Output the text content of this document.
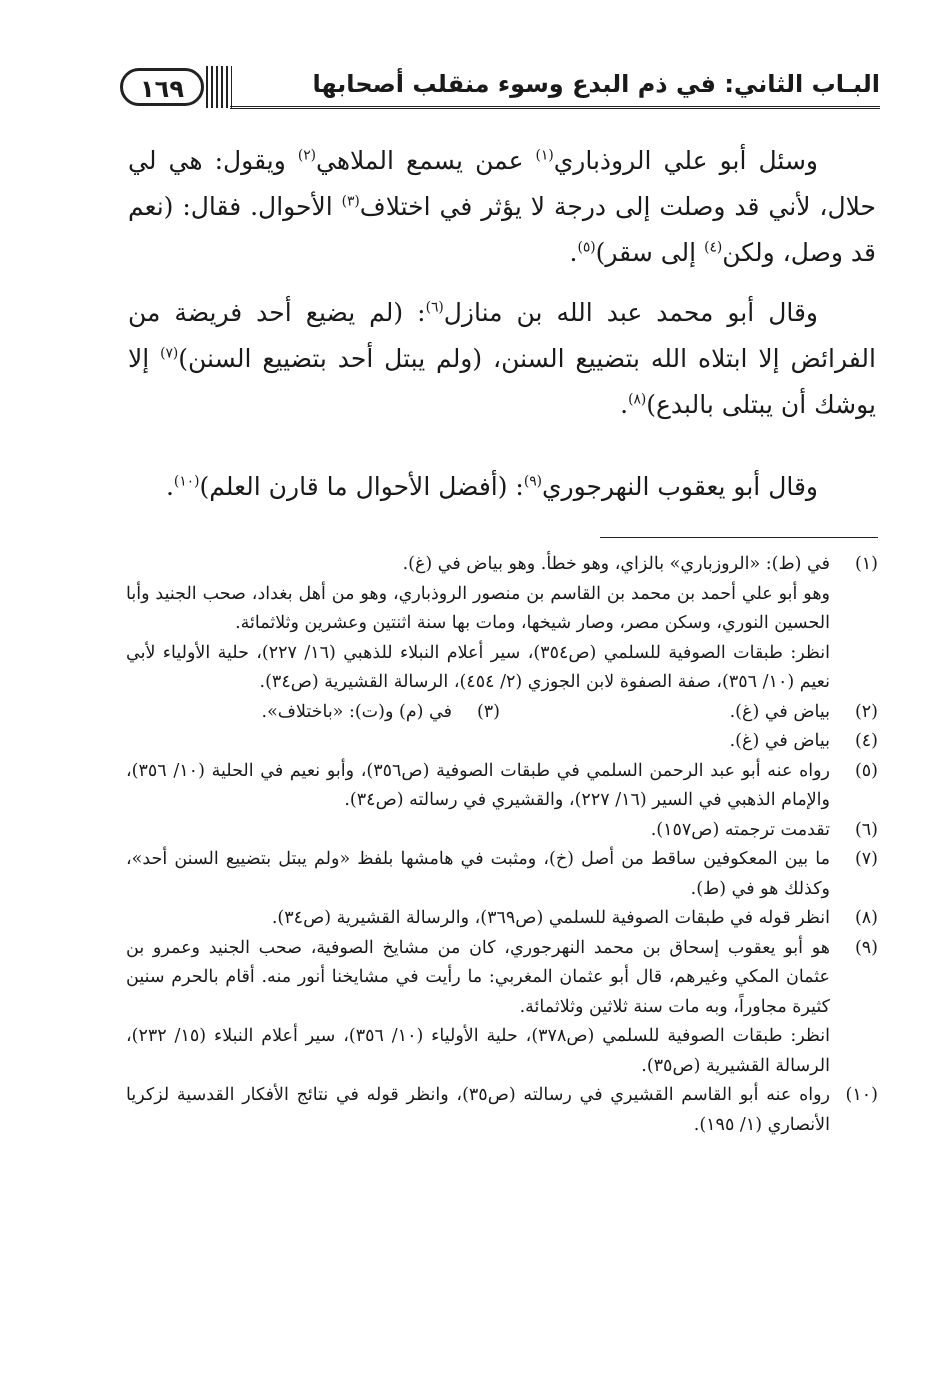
١٦٩	البـاب الثاني: في ذم البدع وسوء منقلب أصحابها

وسئل أبو علي الروذباري$^{(١)}$ عمن يسمع الملاهي$^{(٢)}$ ويقول: هي لي حلال، لأني قد وصلت إلى درجة لا يؤثر في اختلاف$^{(٣)}$ الأحوال. فقال: (نعم قد وصل، ولكن$^{(٤)}$ إلى سقر)$^{(٥)}$.

وقال أبو محمد عبد الله بن منازل$^{(٦)}$: (لم يضيع أحد فريضة من الفرائض إلا ابتلاه الله بتضييع السنن، (ولم يبتل أحد بتضييع السنن)$^{(٧)}$ إلا يوشك أن يبتلى بالبدع)$^{(٨)}$.

وقال أبو يعقوب النهرجوري$^{(٩)}$: (أفضل الأحوال ما قارن العلم)$^{(١٠)}$.

(١)
في (ط): «الروزباري» بالزاي، وهو خطأ. وهو بياض في (غ).
وهو أبو علي أحمد بن محمد بن القاسم بن منصور الروذباري، وهو من أهل بغداد، صحب الجنيد وأبا الحسين النوري، وسكن مصر، وصار شيخها، ومات بها سنة اثنتين وعشرين وثلاثمائة.
انظر: طبقات الصوفية للسلمي (ص٣٥٤)، سير أعلام النبلاء للذهبي (١٦/ ٢٢٧)، حلية الأولياء لأبي نعيم (١٠/ ٣٥٦)، صفة الصفوة لابن الجوزي (٢/ ٤٥٤)، الرسالة القشيرية (ص٣٤).
(٢)بياض في (غ).
(٣)في (م) و(ت): «باختلاف».
(٤)
بياض في (غ).
(٥)
رواه عنه أبو عبد الرحمن السلمي في طبقات الصوفية (ص٣٥٦)، وأبو نعيم في الحلية (١٠/ ٣٥٦)، والإمام الذهبي في السير (١٦/ ٢٢٧)، والقشيري في رسالته (ص٣٤).
(٦)
تقدمت ترجمته (ص١٥٧).
(٧)
ما بين المعكوفين ساقط من أصل (خ)، ومثبت في هامشها بلفظ «ولم يبتل بتضييع السنن أحد»، وكذلك هو في (ط).
(٨)
انظر قوله في طبقات الصوفية للسلمي (ص٣٦٩)، والرسالة القشيرية (ص٣٤).
(٩)
هو أبو يعقوب إسحاق بن محمد النهرجوري، كان من مشايخ الصوفية، صحب الجنيد وعمرو بن عثمان المكي وغيرهم، قال أبو عثمان المغربي: ما رأيت في مشايخنا أنور منه. أقام بالحرم سنين كثيرة مجاوراً، وبه مات سنة ثلاثين وثلاثمائة.
انظر: طبقات الصوفية للسلمي (ص٣٧٨)، حلية الأولياء (١٠/ ٣٥٦)، سير أعلام النبلاء (١٥/ ٢٣٢)، الرسالة القشيرية (ص٣٥).
(١٠)
رواه عنه أبو القاسم القشيري في رسالته (ص٣٥)، وانظر قوله في نتائج الأفكار القدسية لزكريا الأنصاري (١/ ١٩٥).
